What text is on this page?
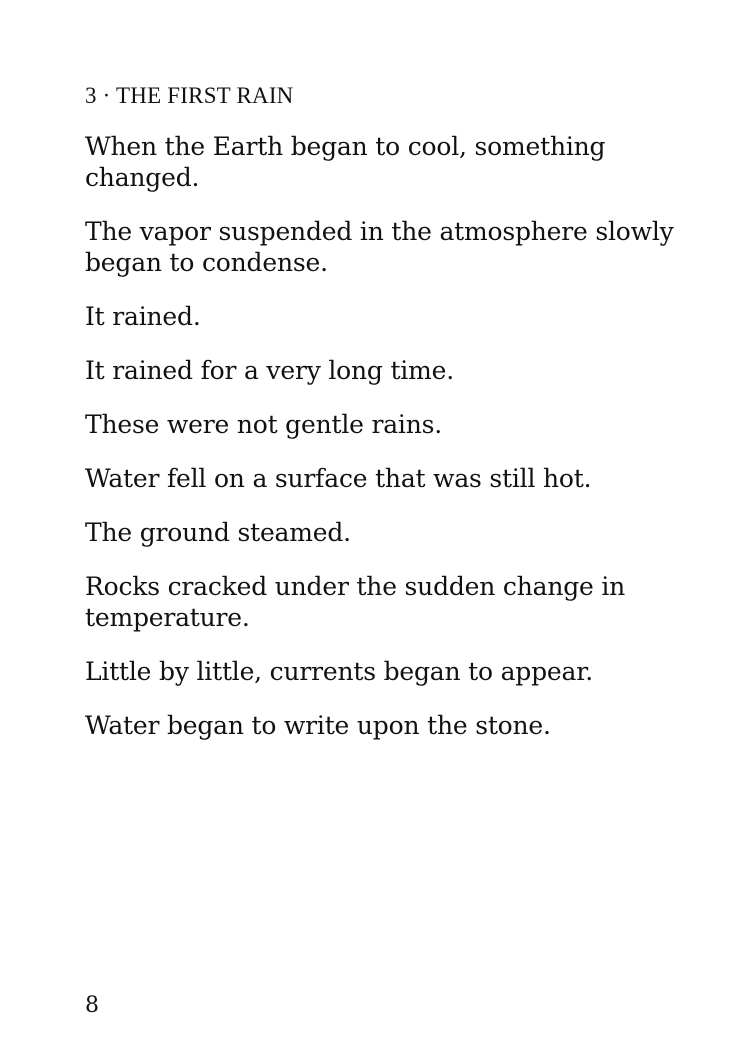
3 · THE FIRST RAIN

When the Earth began to cool, something changed.

The vapor suspended in the atmosphere slowly began to condense.

It rained.

It rained for a very long time.

These were not gentle rains.

Water fell on a surface that was still hot.

The ground steamed.

Rocks cracked under the sudden change in temperature.

Little by little, currents began to appear.

Water began to write upon the stone.

8
